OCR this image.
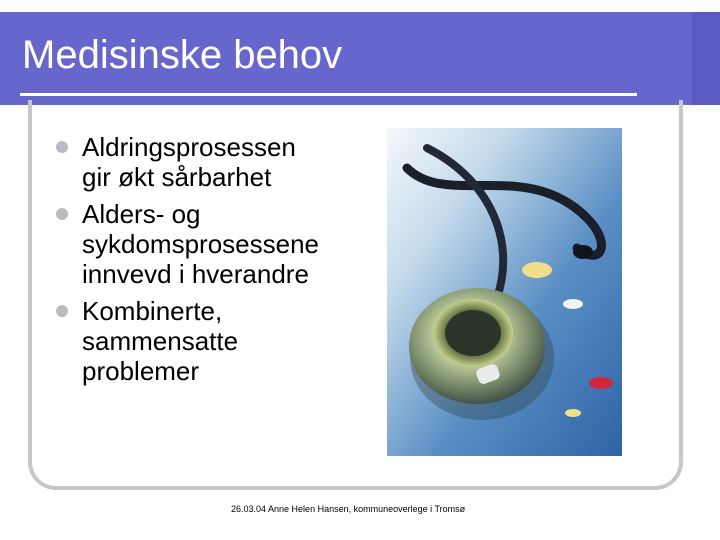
Medisinske behov
Aldringsprosessen
gir økt sårbarhet
Alders- og
sykdomsprosessene
innvevd i hverandre
Kombinerte,
sammensatte
problemer
26.03.04 Anne Helen Hansen, kommuneoverlege i Tromsø
